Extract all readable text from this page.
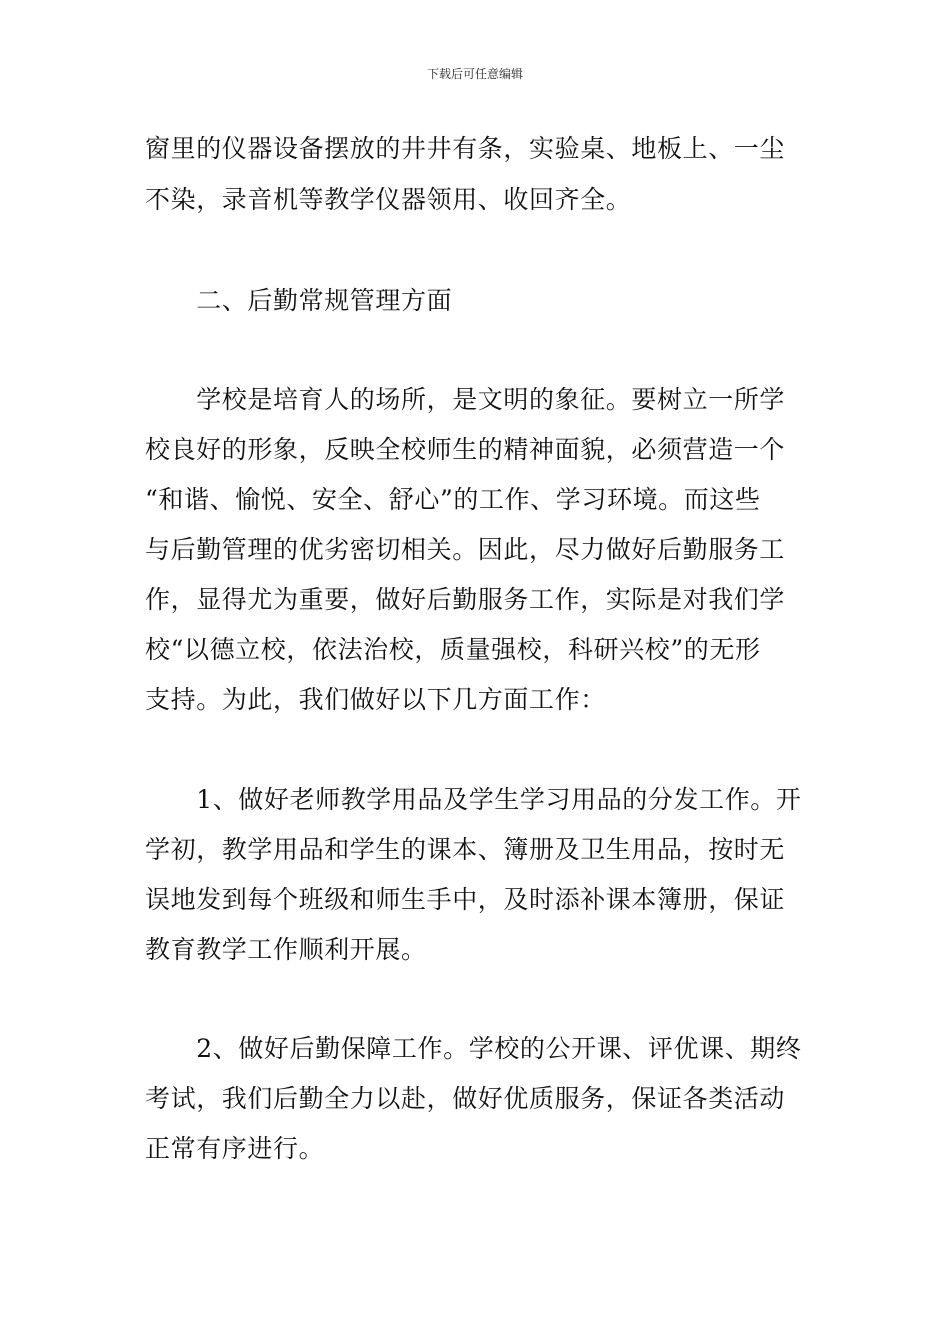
下载后可任意编辑
窗里的仪器设备摆放的井井有条，实验桌、地板上、一尘
不染，录音机等教学仪器领用、收回齐全。
　　二、后勤常规管理方面
　　学校是培育人的场所，是文明的象征。要树立一所学
校良好的形象，反映全校师生的精神面貌，必须营造一个
“和谐、愉悦、安全、舒心”的工作、学习环境。而这些
与后勤管理的优劣密切相关。因此，尽力做好后勤服务工
作，显得尤为重要，做好后勤服务工作，实际是对我们学
校“以德立校，依法治校，质量强校，科研兴校”的无形
支持。为此，我们做好以下几方面工作：
　　1、做好老师教学用品及学生学习用品的分发工作。开
学初，教学用品和学生的课本、簿册及卫生用品，按时无
误地发到每个班级和师生手中，及时添补课本簿册，保证
教育教学工作顺利开展。
　　2、做好后勤保障工作。学校的公开课、评优课、期终
考试，我们后勤全力以赴，做好优质服务，保证各类活动
正常有序进行。
